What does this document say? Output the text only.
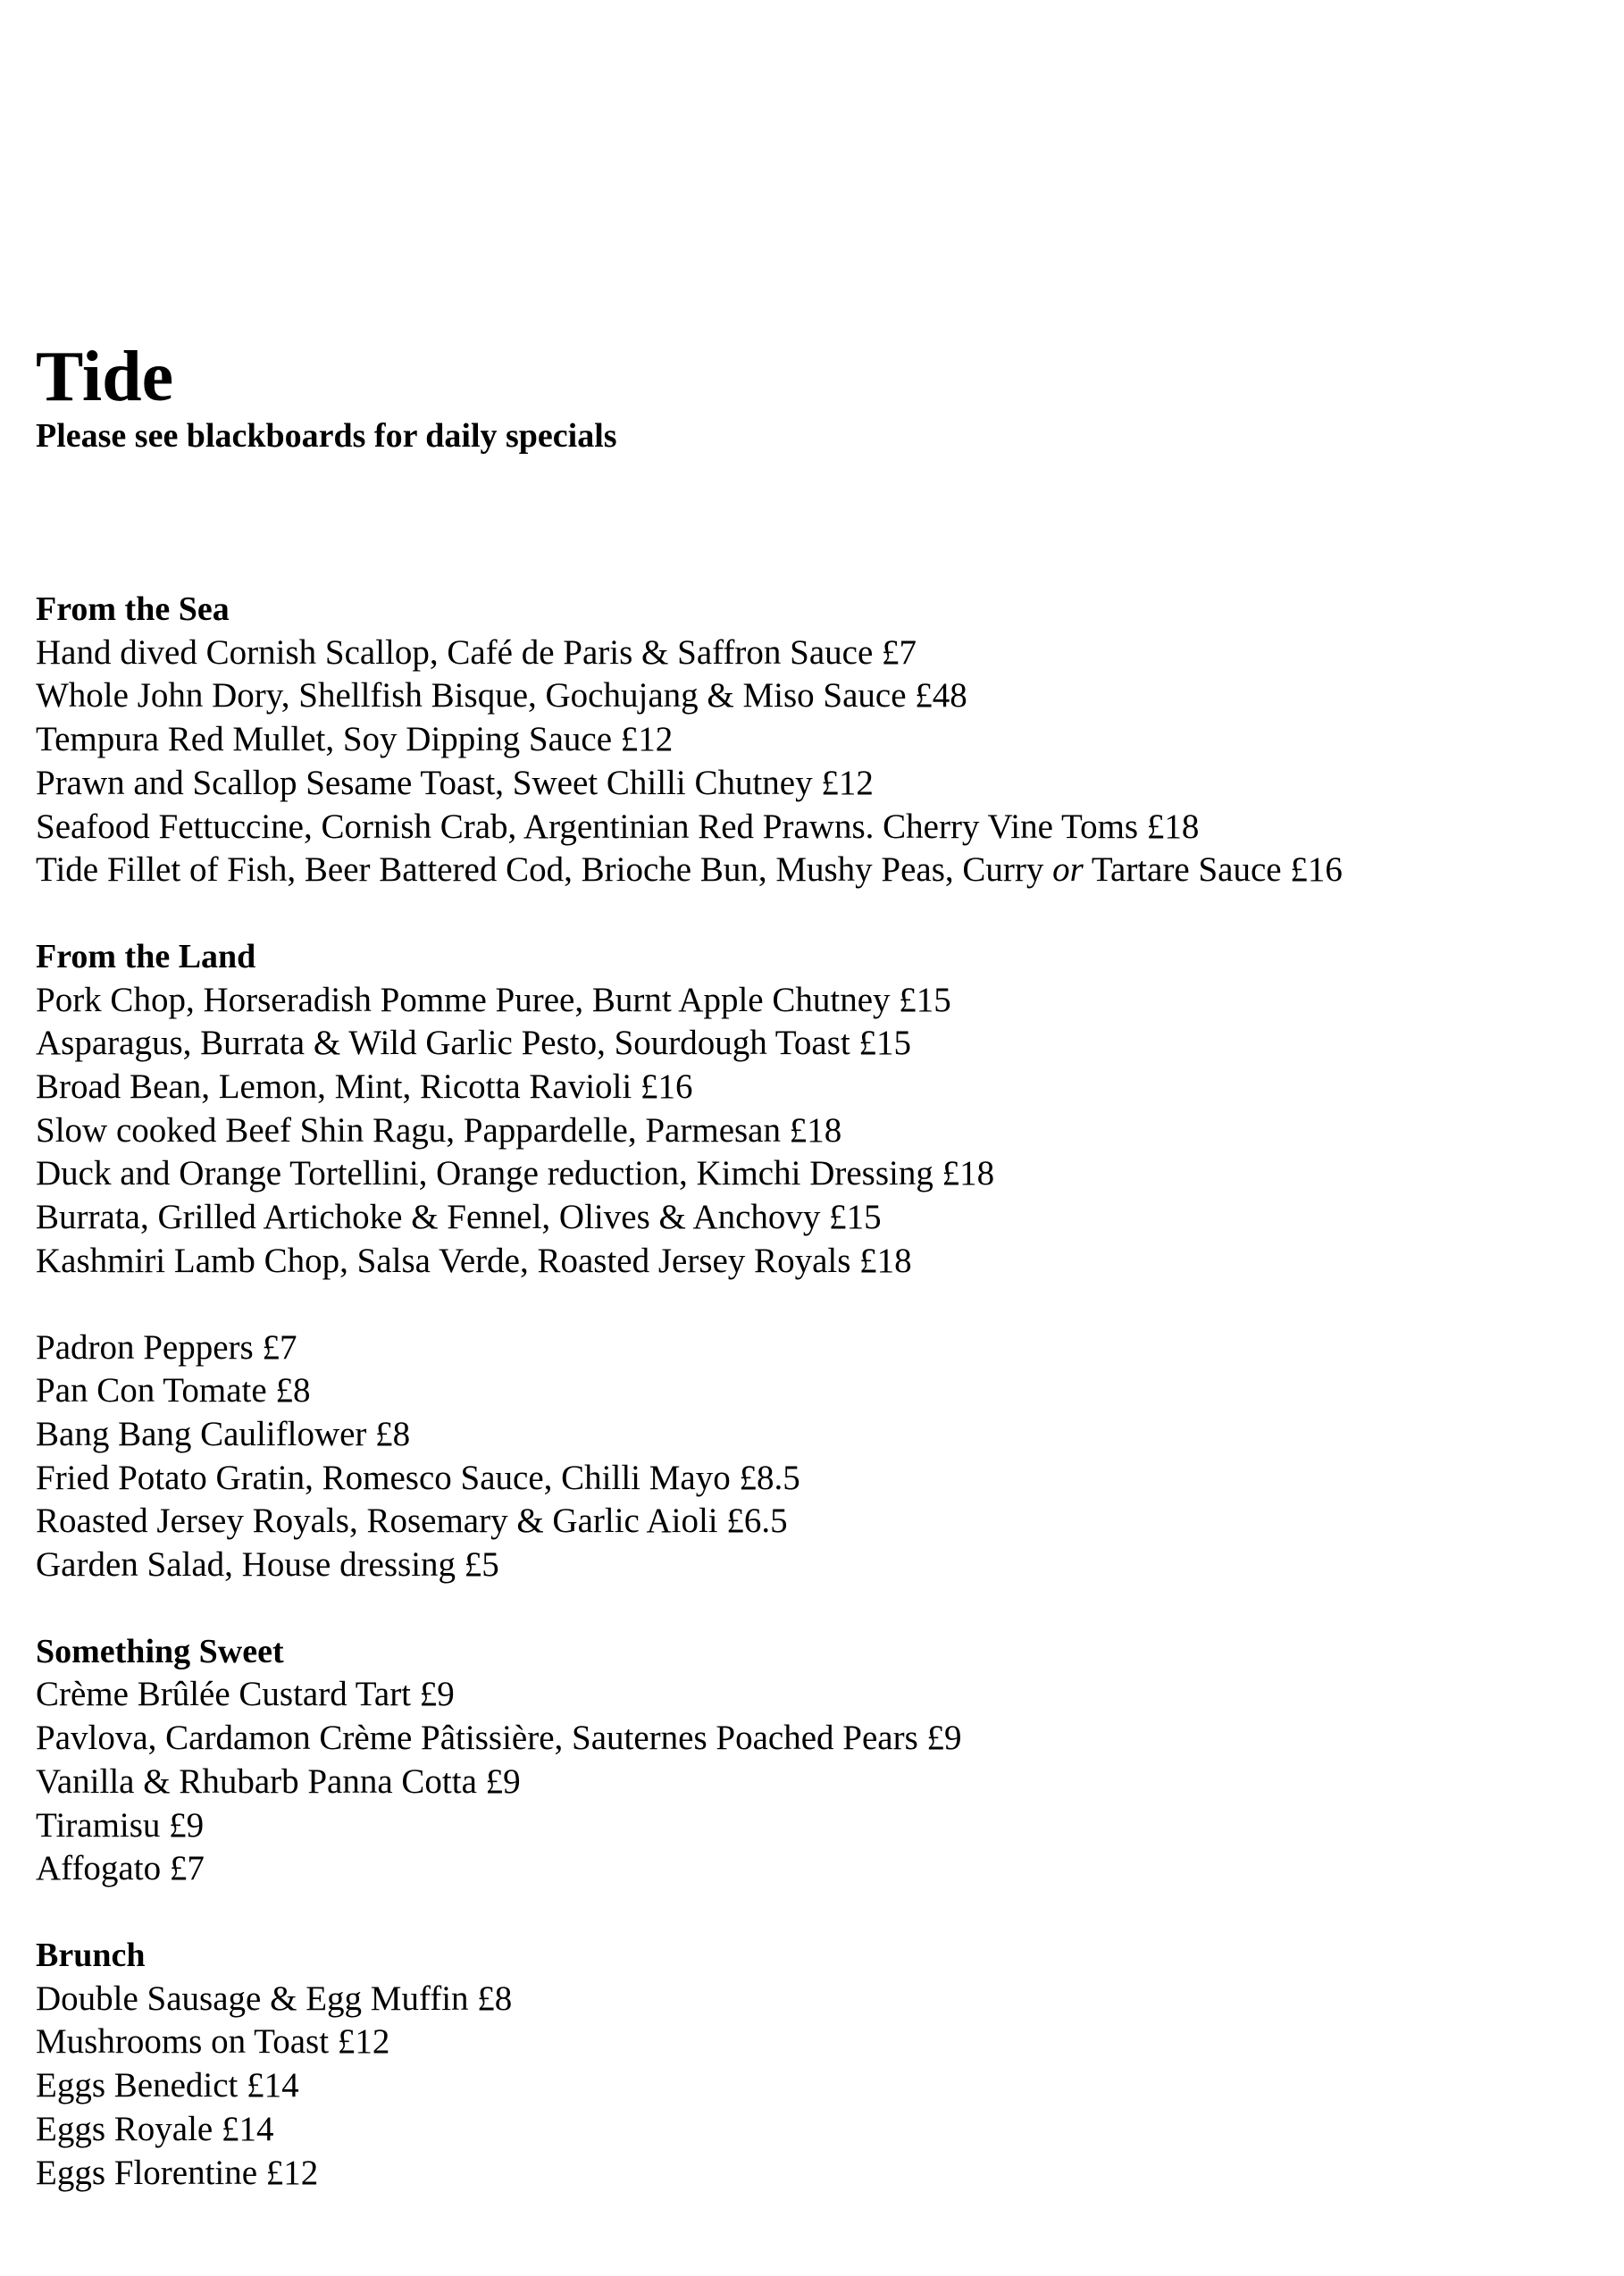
Tide

Please see blackboards for daily specials

From the Sea

Hand dived Cornish Scallop, Café de Paris & Saffron Sauce £7

Whole John Dory, Shellfish Bisque, Gochujang & Miso Sauce £48

Tempura Red Mullet, Soy Dipping Sauce £12

Prawn and Scallop Sesame Toast, Sweet Chilli Chutney £12

Seafood Fettuccine, Cornish Crab, Argentinian Red Prawns. Cherry Vine Toms £18

Tide Fillet of Fish, Beer Battered Cod, Brioche Bun, Mushy Peas, Curry or Tartare Sauce £16

From the Land

Pork Chop, Horseradish Pomme Puree, Burnt Apple Chutney £15

Asparagus, Burrata & Wild Garlic Pesto, Sourdough Toast £15

Broad Bean, Lemon, Mint, Ricotta Ravioli £16

Slow cooked Beef Shin Ragu, Pappardelle, Parmesan £18

Duck and Orange Tortellini, Orange reduction, Kimchi Dressing £18

Burrata, Grilled Artichoke & Fennel, Olives & Anchovy £15

Kashmiri Lamb Chop, Salsa Verde, Roasted Jersey Royals £18

Padron Peppers £7

Pan Con Tomate £8

Bang Bang Cauliflower £8

Fried Potato Gratin, Romesco Sauce, Chilli Mayo £8.5

Roasted Jersey Royals, Rosemary & Garlic Aioli £6.5

Garden Salad, House dressing £5

Something Sweet

Crème Brûlée Custard Tart £9

Pavlova, Cardamon Crème Pâtissière, Sauternes Poached Pears £9

Vanilla & Rhubarb Panna Cotta £9

Tiramisu £9

Affogato £7

Brunch

Double Sausage & Egg Muffin £8

Mushrooms on Toast £12

Eggs Benedict £14

Eggs Royale £14

Eggs Florentine £12
